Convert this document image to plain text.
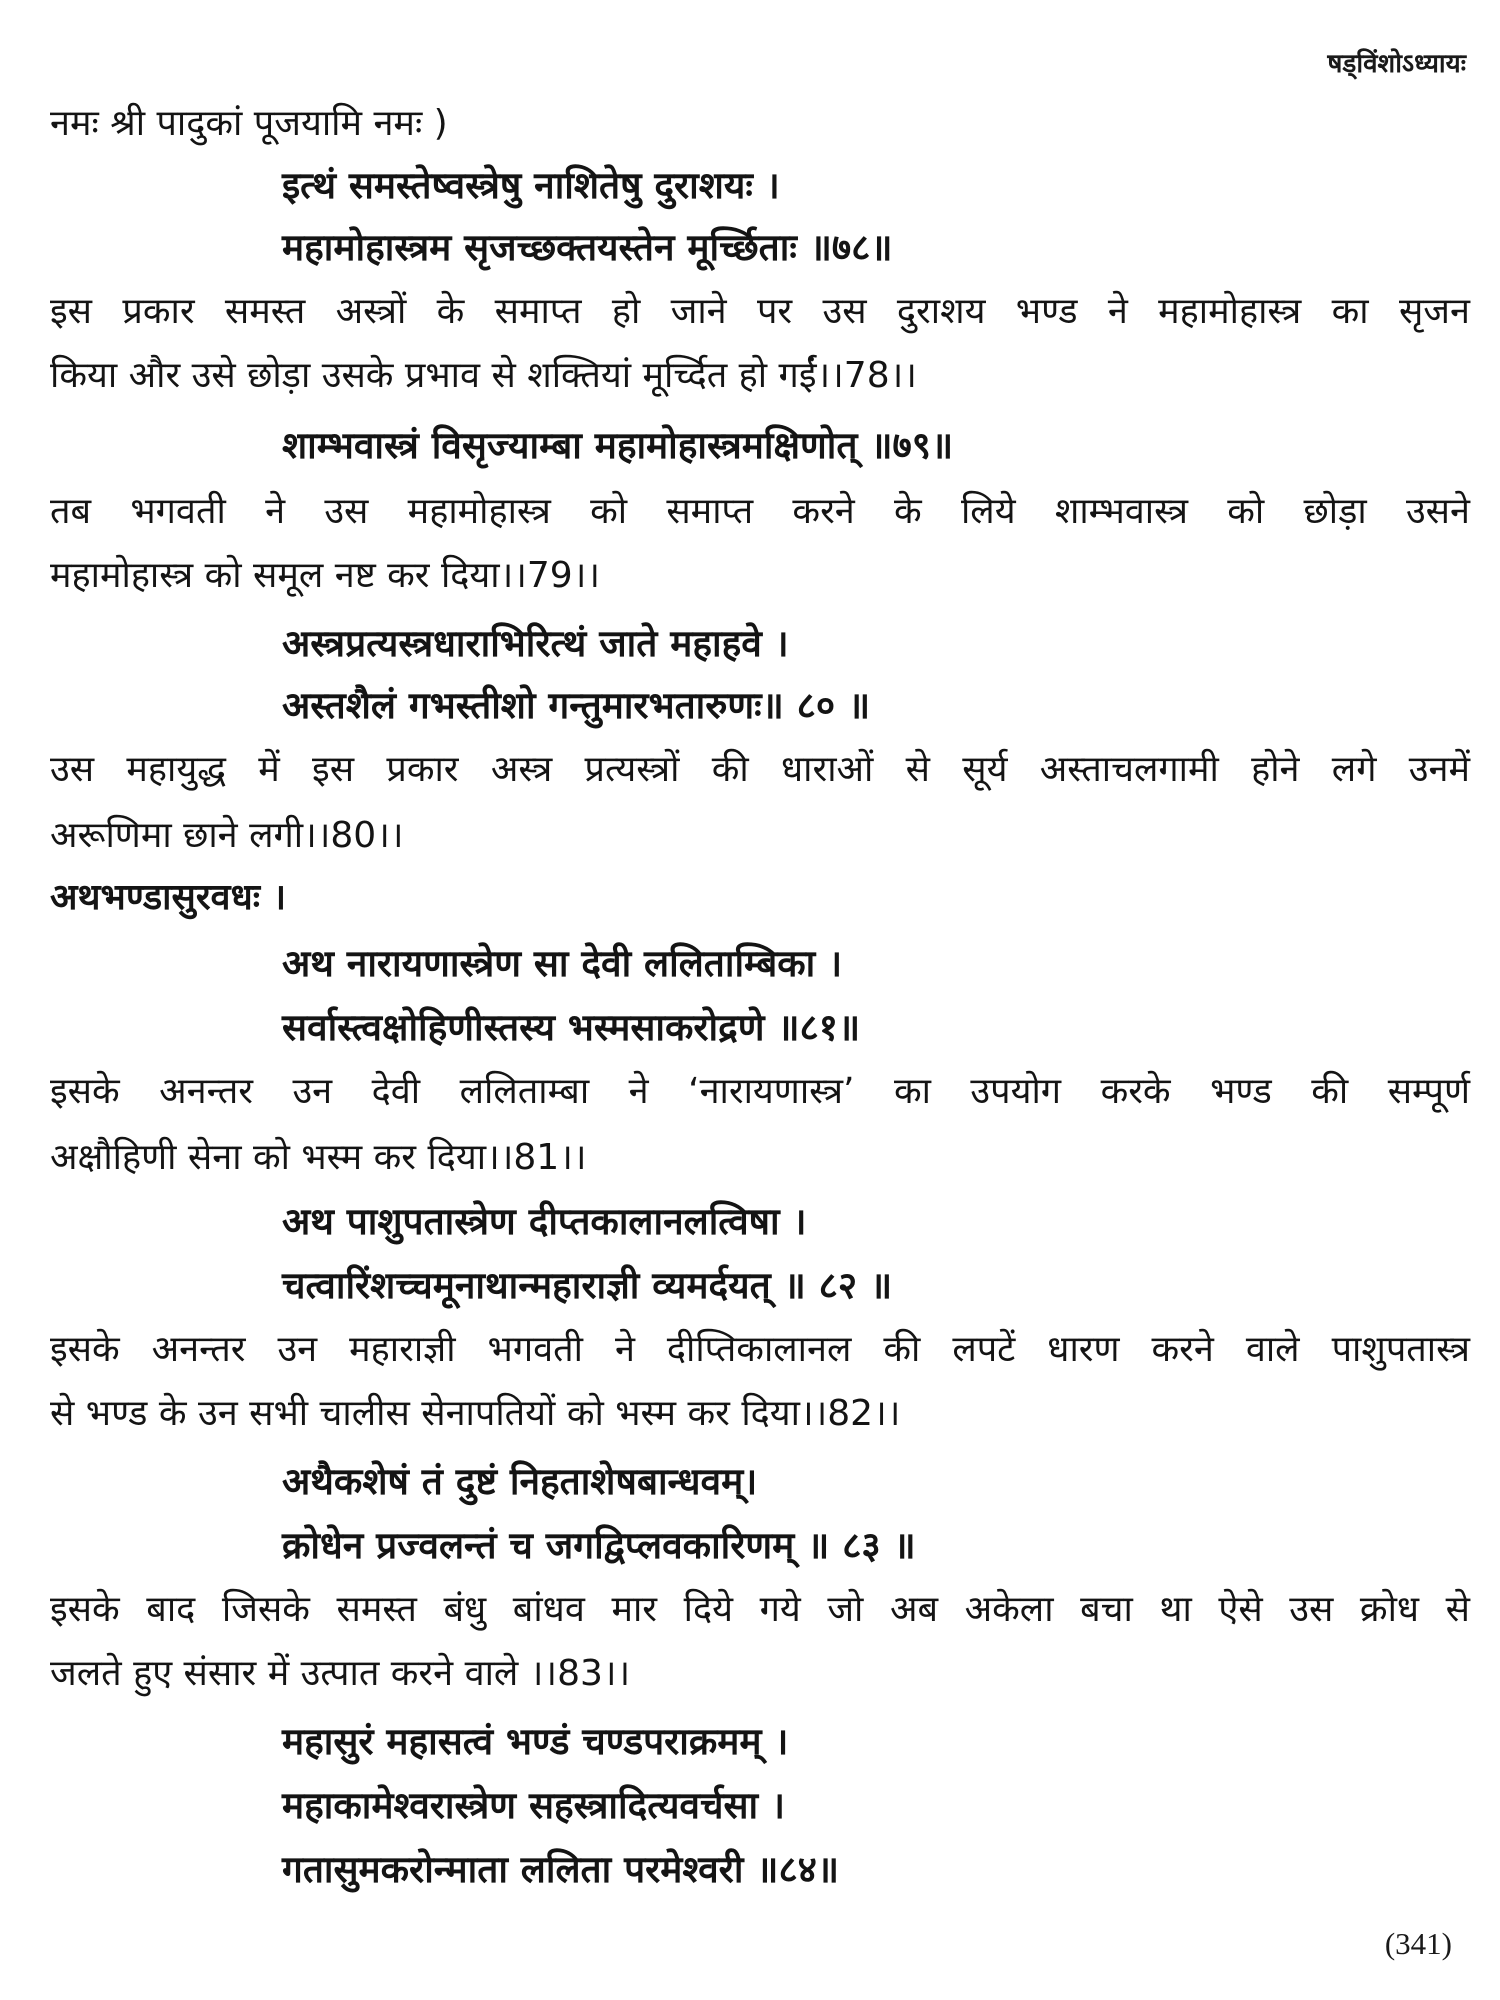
षड्विंशोऽध्यायः
नमः श्री पादुकां पूजयामि नमः )
इत्थं समस्तेष्वस्त्रेषु नाशितेषु दुराशयः ।
महामोहास्त्रम सृजच्छक्तयस्तेन मूर्च्छिताः ॥७८॥
इस प्रकार समस्त अस्त्रों के समाप्त हो जाने पर उस दुराशय भण्ड ने महामोहास्त्र का सृजन
किया और उसे छोड़ा उसके प्रभाव से शक्तियां मूर्च्दित हो गईं।।78।।
शाम्भवास्त्रं विसृज्याम्बा महामोहास्त्रमक्षिणोत् ॥७९॥
तब भगवती ने उस महामोहास्त्र को समाप्त करने के लिये शाम्भवास्त्र को छोड़ा उसने
महामोहास्त्र को समूल नष्ट कर दिया।।79।।
अस्त्रप्रत्यस्त्रधाराभिरित्थं जाते महाहवे ।
अस्तशैलं गभस्तीशो गन्तुमारभतारुणः॥ ८० ॥
उस महायुद्ध में इस प्रकार अस्त्र प्रत्यस्त्रों की धाराओं से सूर्य अस्ताचलगामी होने लगे उनमें
अरूणिमा छाने लगी।।80।।
अथभण्डासुरवधः ।
अथ नारायणास्त्रेण सा देवी ललिताम्बिका ।
सर्वास्त्वक्षोहिणीस्तस्य भस्मसाकरोद्रणे ॥८१॥
इसके अनन्तर उन देवी ललिताम्बा ने ‘नारायणास्त्र’ का उपयोग करके भण्ड की सम्पूर्ण
अक्षौहिणी सेना को भस्म कर दिया।।81।।
अथ पाशुपतास्त्रेण दीप्तकालानलत्विषा ।
चत्वारिंशच्चमूनाथान्महाराज्ञी व्यमर्दयत् ॥ ८२ ॥
इसके अनन्तर उन महाराज्ञी भगवती ने दीप्तिकालानल की लपटें धारण करने वाले पाशुपतास्त्र
से भण्ड के उन सभी चालीस सेनापतियों को भस्म कर दिया।।82।।
अथैकशेषं तं दुष्टं निहताशेषबान्धवम्।
क्रोधेन प्रज्वलन्तं च जगद्विप्लवकारिणम् ॥ ८३ ॥
इसके बाद जिसके समस्त बंधु बांधव मार दिये गये जो अब अकेला बचा था ऐसे उस क्रोध से
जलते हुए संसार में उत्पात करने वाले ।।83।।
महासुरं महासत्वं भण्डं चण्डपराक्रमम् ।
महाकामेश्वरास्त्रेण सहस्त्रादित्यवर्चसा ।
गतासुमकरोन्माता ललिता परमेश्वरी ॥८४॥
(341)
